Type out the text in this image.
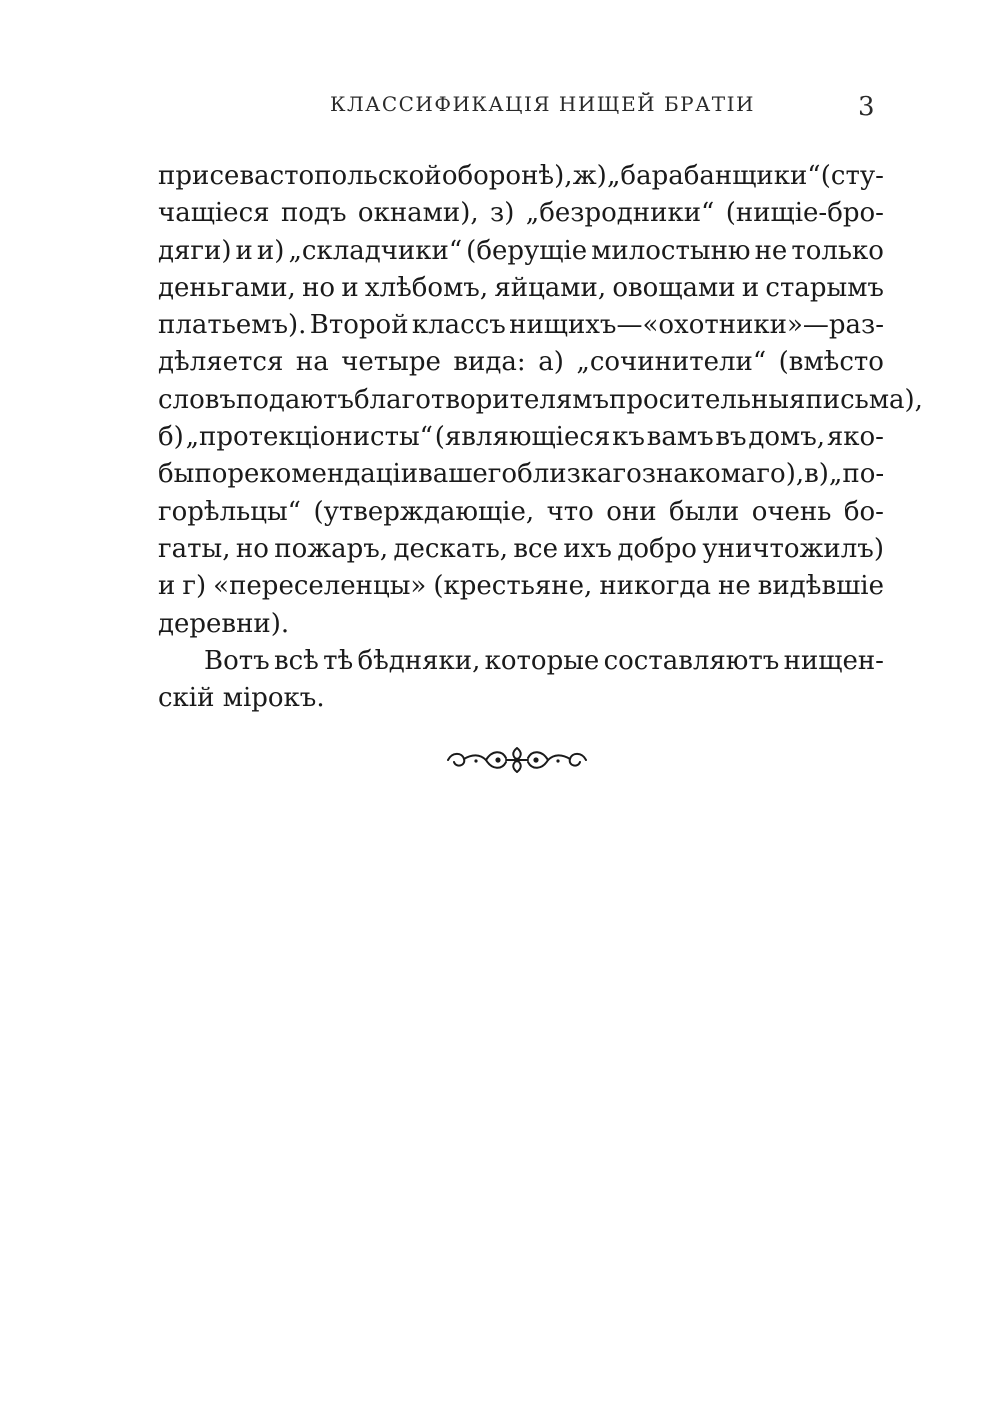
КЛАССИФИКАЦІЯ НИЩЕЙ БРАТІИ	3
при севастопольской оборонѣ), ж) „барабанщики“ (сту-
чащіеся подъ окнами), з) „безродники“ (нищіе-бро-
дяги) и и) „складчики“ (берущіе милостыню не только
деньгами, но и хлѣбомъ, яйцами, овощами и старымъ
платьемъ). Второй классъ нищихъ—«охотники»—раз-
дѣляется на четыре вида: а) „сочинители“ (вмѣсто
словъ подаютъ благотворителямъ просительныя письма),
б) „протекціонисты“ (являющіеся къ вамъ въ домъ, яко-
бы по рекомендаціи вашего близкаго знакомаго), в) „по-
горѣльцы“ (утверждающіе, что они были очень бо-
гаты, но пожаръ, дескать, все ихъ добро уничтожилъ)
и г) «переселенцы» (крестьяне, никогда не видѣвшіе
деревни).
Вотъ всѣ тѣ бѣдняки, которые составляютъ нищен-
скій мірокъ.
